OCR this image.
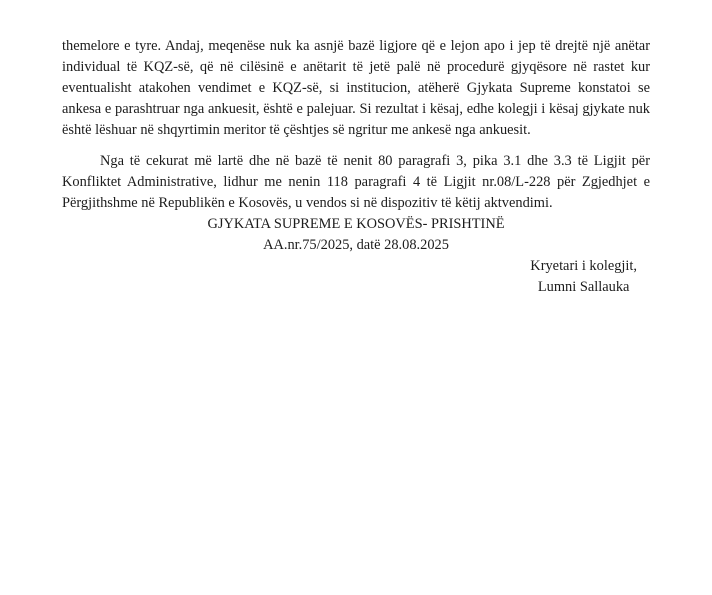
themelore e tyre. Andaj, meqenëse nuk ka asnjë bazë ligjore që e lejon apo i jep të drejtë një anëtar individual të KQZ-së, që në cilësinë e anëtarit të jetë palë në procedurë gjyqësore në rastet kur eventualisht atakohen vendimet e KQZ-së, si institucion, atëherë Gjykata Supreme konstatoi se ankesa e parashtruar nga ankuesit, është e palejuar. Si rezultat i kësaj, edhe kolegji i kësaj gjykate nuk është lëshuar në shqyrtimin meritor të çështjes së ngritur me ankesë nga ankuesit.

Nga të cekurat më lartë dhe në bazë të nenit 80 paragrafi 3, pika 3.1 dhe 3.3 të Ligjit për Konfliktet Administrative, lidhur me nenin 118 paragrafi 4 të Ligjit nr.08/L-228 për Zgjedhjet e Përgjithshme në Republikën e Kosovës, u vendos si në dispozitiv të këtij aktvendimi.

GJYKATA SUPREME E KOSOVËS- PRISHTINË

AA.nr.75/2025, datë 28.08.2025

Kryetari i kolegjit,
Lumni Sallauka
